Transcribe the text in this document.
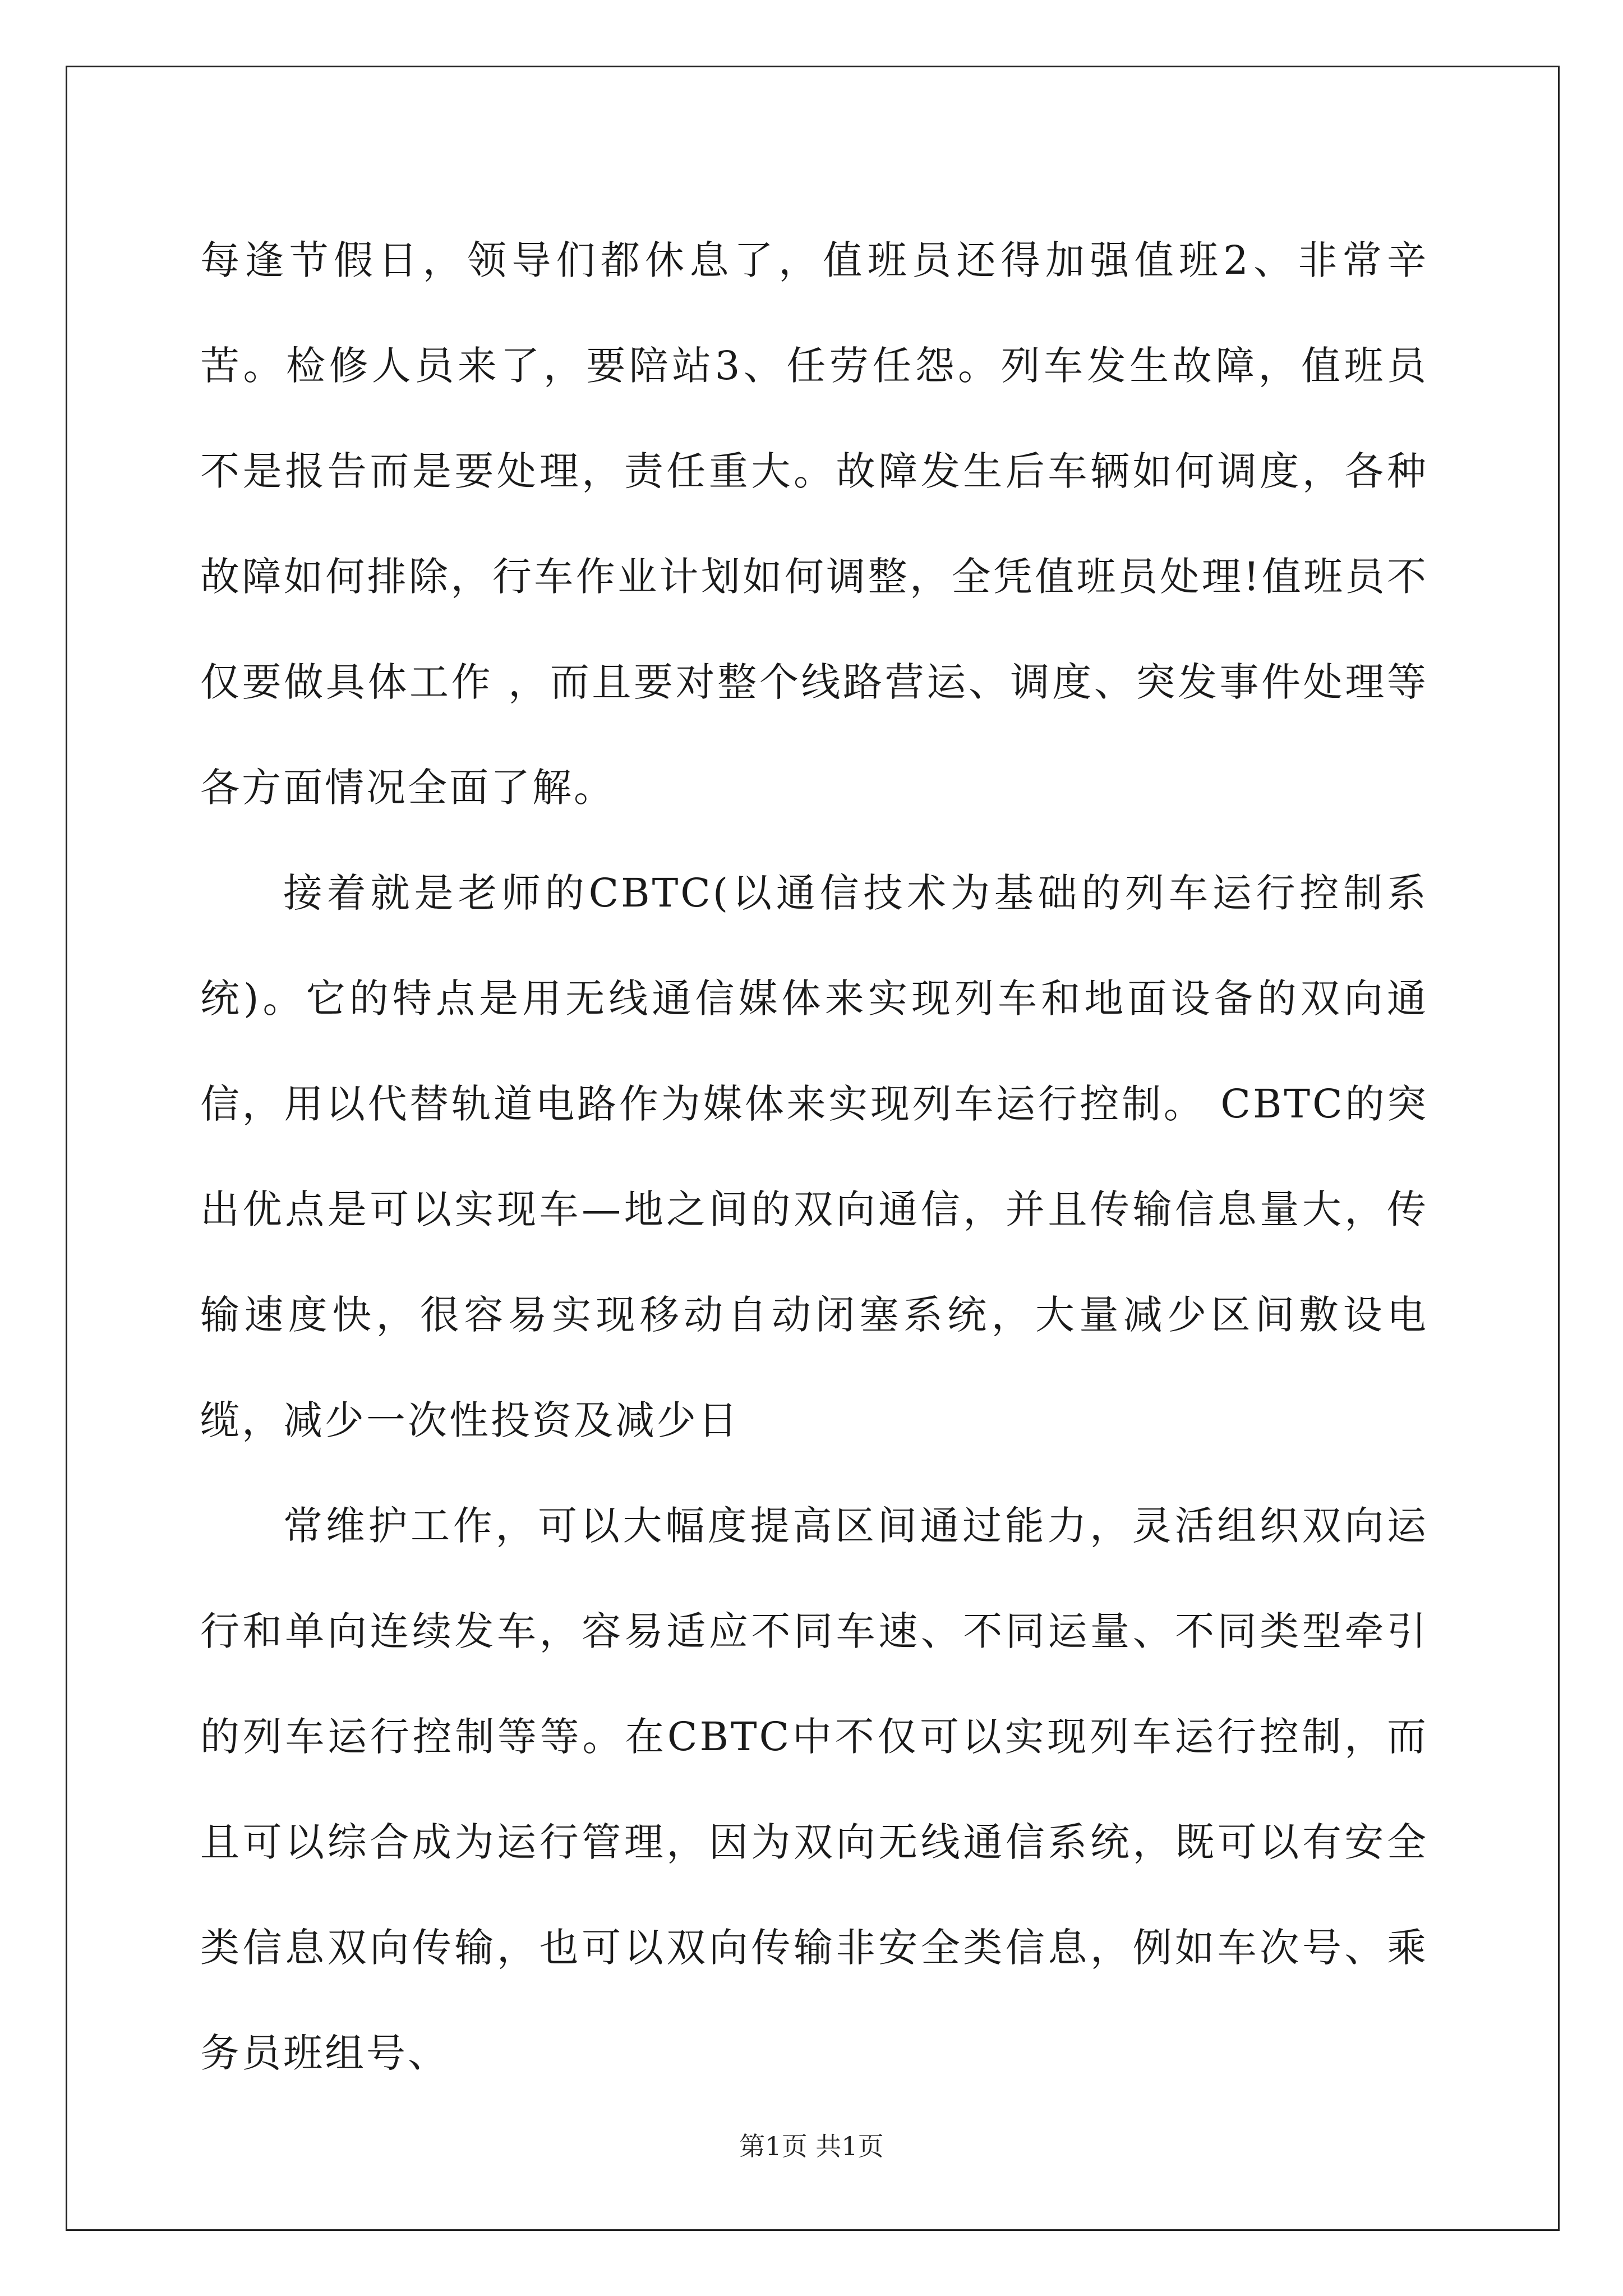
每逢节假日，领导们都休息了，值班员还得加强值班2、非常辛苦。检修人员来了，要陪站3、任劳任怨。列车发生故障，值班员不是报告而是要处理，责任重大。故障发生后车辆如何调度，各种故障如何排除，行车作业计划如何调整，全凭值班员处理!值班员不仅要做具体工作 ，而且要对整个线路营运、调度、突发事件处理等各方面情况全面了解。

接着就是老师的CBTC(以通信技术为基础的列车运行控制系统)。它的特点是用无线通信媒体来实现列车和地面设备的双向通信，用以代替轨道电路作为媒体来实现列车运行控制。 CBTC的突出优点是可以实现车—地之间的双向通信，并且传输信息量大，传输速度快，很容易实现移动自动闭塞系统，大量减少区间敷设电缆，减少一次性投资及减少日

常维护工作，可以大幅度提高区间通过能力，灵活组织双向运行和单向连续发车，容易适应不同车速、不同运量、不同类型牵引的列车运行控制等等。在CBTC中不仅可以实现列车运行控制，而且可以综合成为运行管理，因为双向无线通信系统，既可以有安全类信息双向传输，也可以双向传输非安全类信息，例如车次号、乘务员班组号、

第1页 共1页
